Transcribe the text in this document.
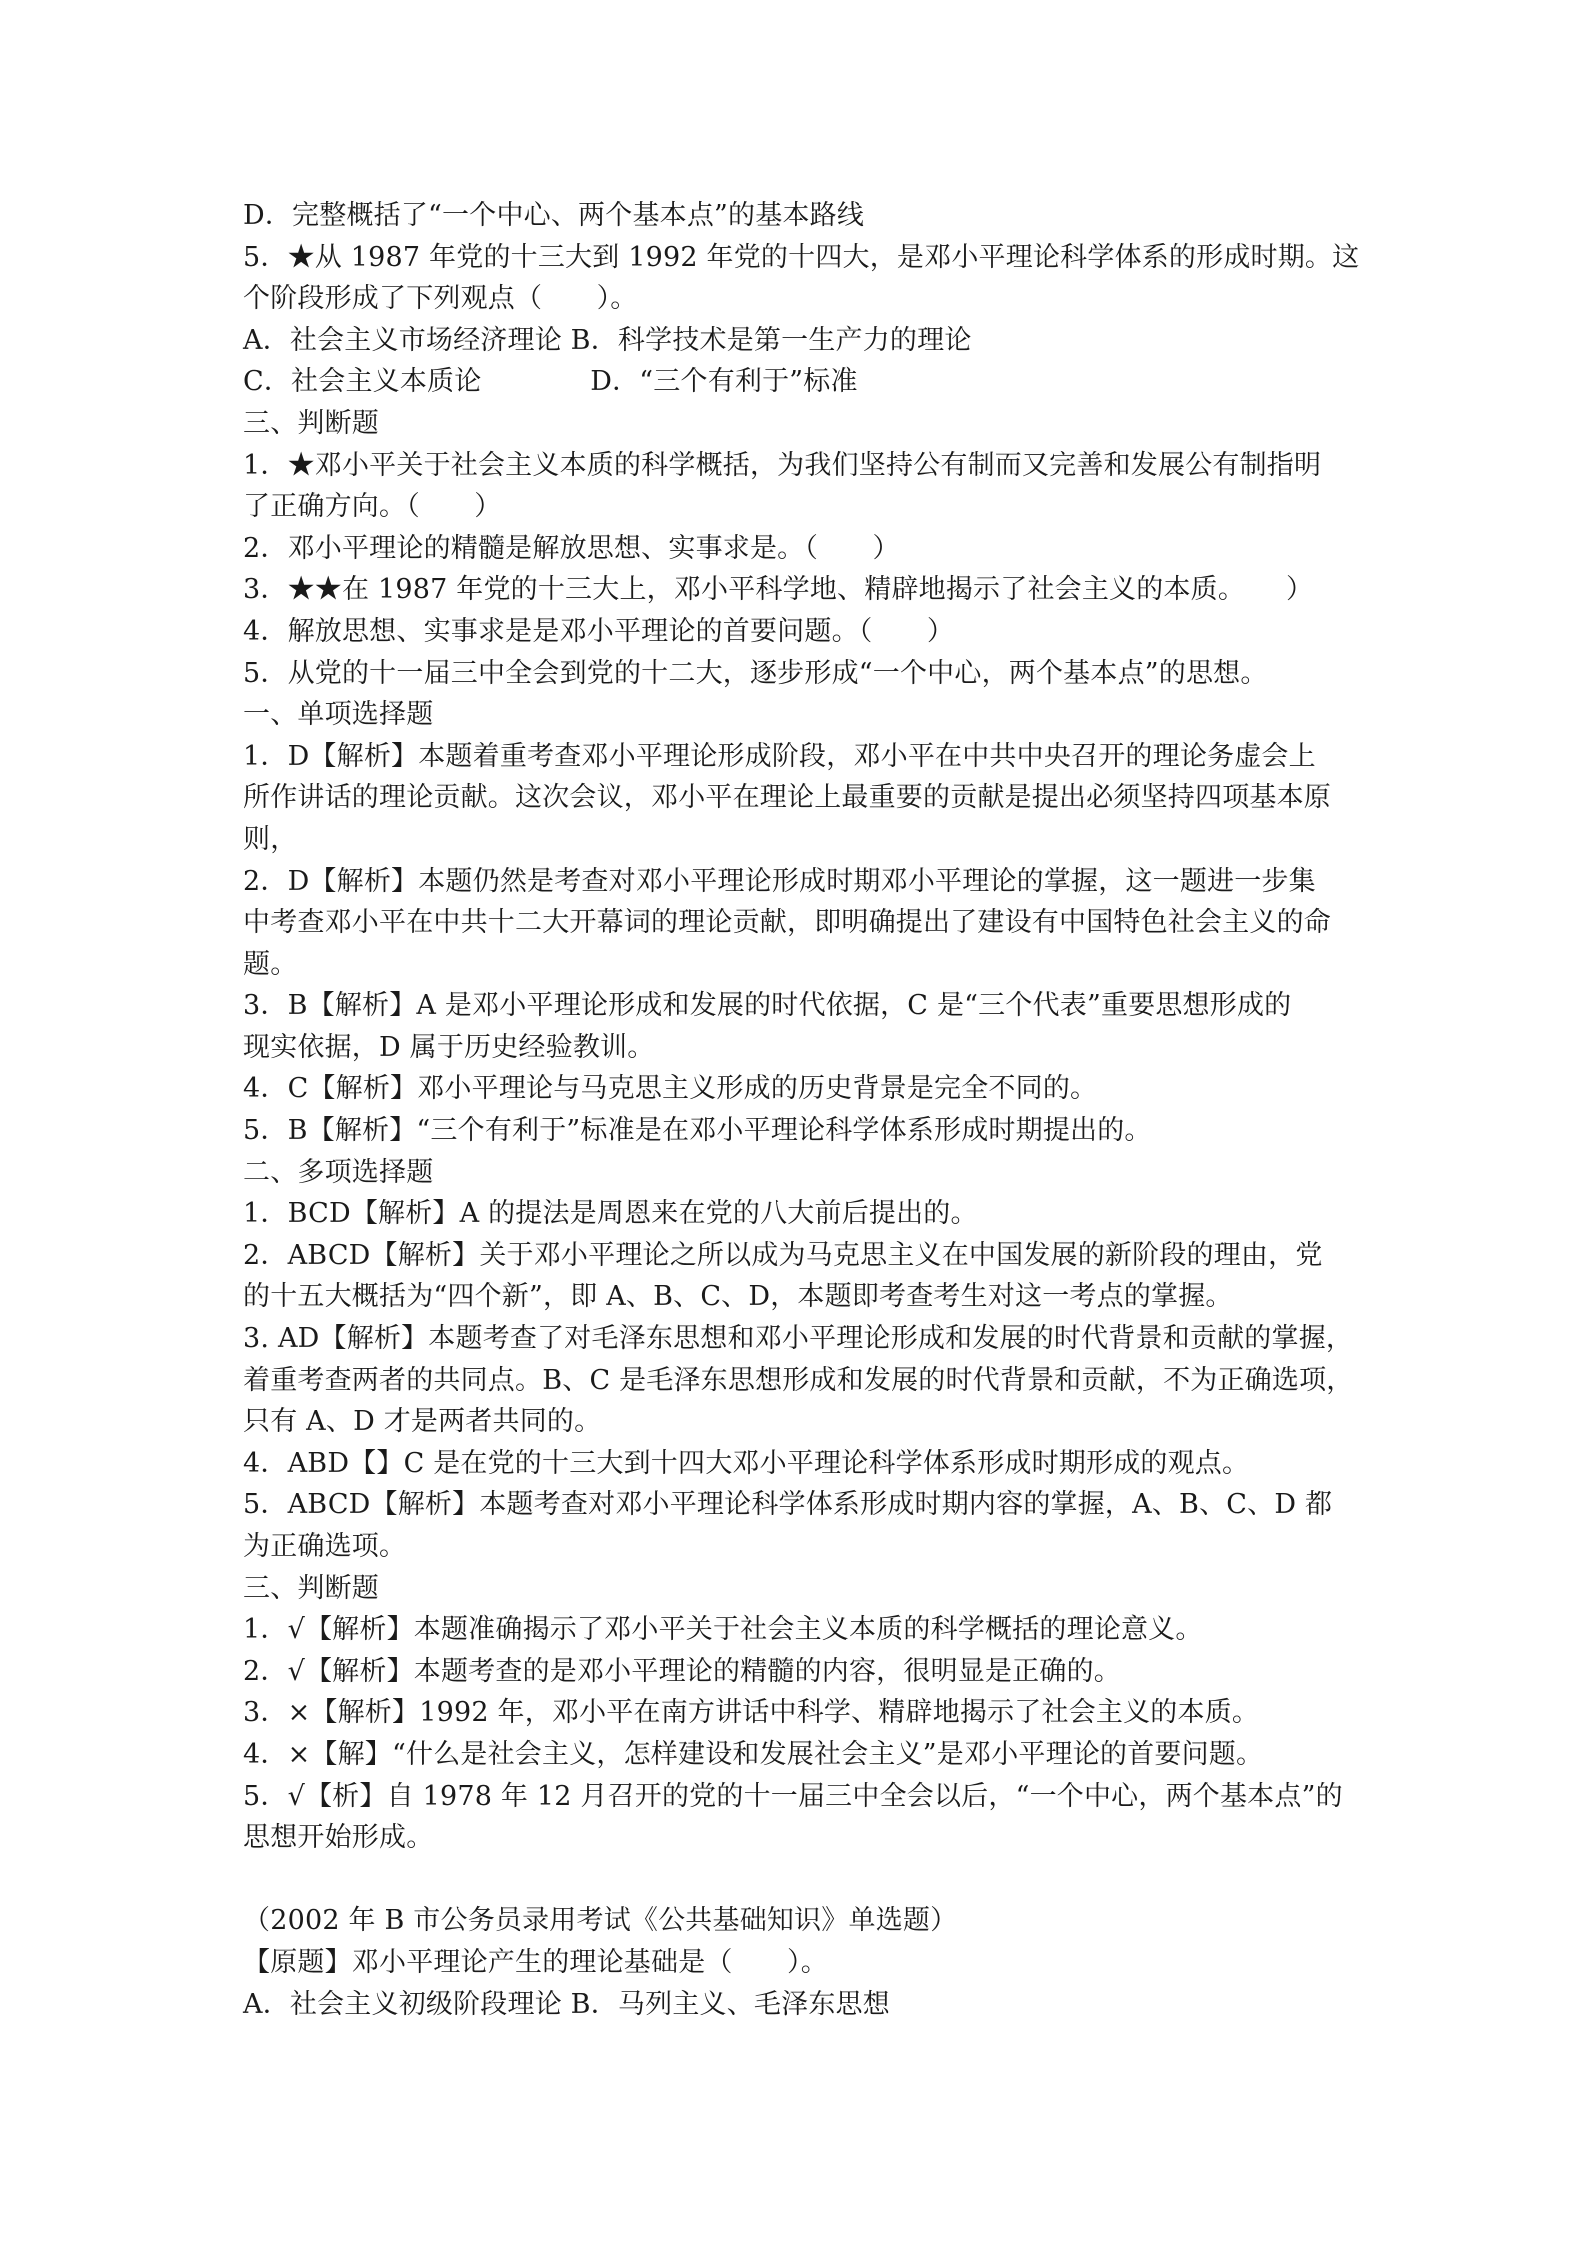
D．完整概括了“一个中心、两个基本点”的基本路线
5．★从 1987 年党的十三大到 1992 年党的十四大，是邓小平理论科学体系的形成时期。这
个阶段形成了下列观点（　　）。
A．社会主义市场经济理论 B．科学技术是第一生产力的理论
C．社会主义本质论　　　　D．“三个有利于”标准
三、判断题
1．★邓小平关于社会主义本质的科学概括，为我们坚持公有制而又完善和发展公有制指明
了正确方向。（　　）
2．邓小平理论的精髓是解放思想、实事求是。（　　）
3．★★在 1987 年党的十三大上，邓小平科学地、精辟地揭示了社会主义的本质。　　）
4．解放思想、实事求是是邓小平理论的首要问题。（　　）
5．从党的十一届三中全会到党的十二大，逐步形成“一个中心，两个基本点”的思想。
一、单项选择题
1．D【解析】本题着重考查邓小平理论形成阶段，邓小平在中共中央召开的理论务虚会上
所作讲话的理论贡献。这次会议，邓小平在理论上最重要的贡献是提出必须坚持四项基本原
则，
2．D【解析】本题仍然是考查对邓小平理论形成时期邓小平理论的掌握，这一题进一步集
中考查邓小平在中共十二大开幕词的理论贡献，即明确提出了建设有中国特色社会主义的命
题。
3．B【解析】A 是邓小平理论形成和发展的时代依据，C 是“三个代表”重要思想形成的
现实依据，D 属于历史经验教训。
4．C【解析】邓小平理论与马克思主义形成的历史背景是完全不同的。
5．B【解析】“三个有利于”标准是在邓小平理论科学体系形成时期提出的。
二、多项选择题
1．BCD【解析】A 的提法是周恩来在党的八大前后提出的。
2．ABCD【解析】关于邓小平理论之所以成为马克思主义在中国发展的新阶段的理由，党
的十五大概括为“四个新”，即 A、B、C、D，本题即考查考生对这一考点的掌握。
3. AD【解析】本题考查了对毛泽东思想和邓小平理论形成和发展的时代背景和贡献的掌握，
着重考查两者的共同点。B、C 是毛泽东思想形成和发展的时代背景和贡献，不为正确选项，
只有 A、D 才是两者共同的。
4．ABD【】C 是在党的十三大到十四大邓小平理论科学体系形成时期形成的观点。
5．ABCD【解析】本题考查对邓小平理论科学体系形成时期内容的掌握，A、B、C、D 都
为正确选项。
三、判断题
1．√【解析】本题准确揭示了邓小平关于社会主义本质的科学概括的理论意义。
2．√【解析】本题考查的是邓小平理论的精髓的内容，很明显是正确的。
3．×【解析】1992 年，邓小平在南方讲话中科学、精辟地揭示了社会主义的本质。
4．×【解】“什么是社会主义，怎样建设和发展社会主义”是邓小平理论的首要问题。
5．√【析】自 1978 年 12 月召开的党的十一届三中全会以后，“一个中心，两个基本点”的
思想开始形成。
（2002 年 B 市公务员录用考试《公共基础知识》单选题）
【原题】邓小平理论产生的理论基础是（　　）。
A．社会主义初级阶段理论 B．马列主义、毛泽东思想
